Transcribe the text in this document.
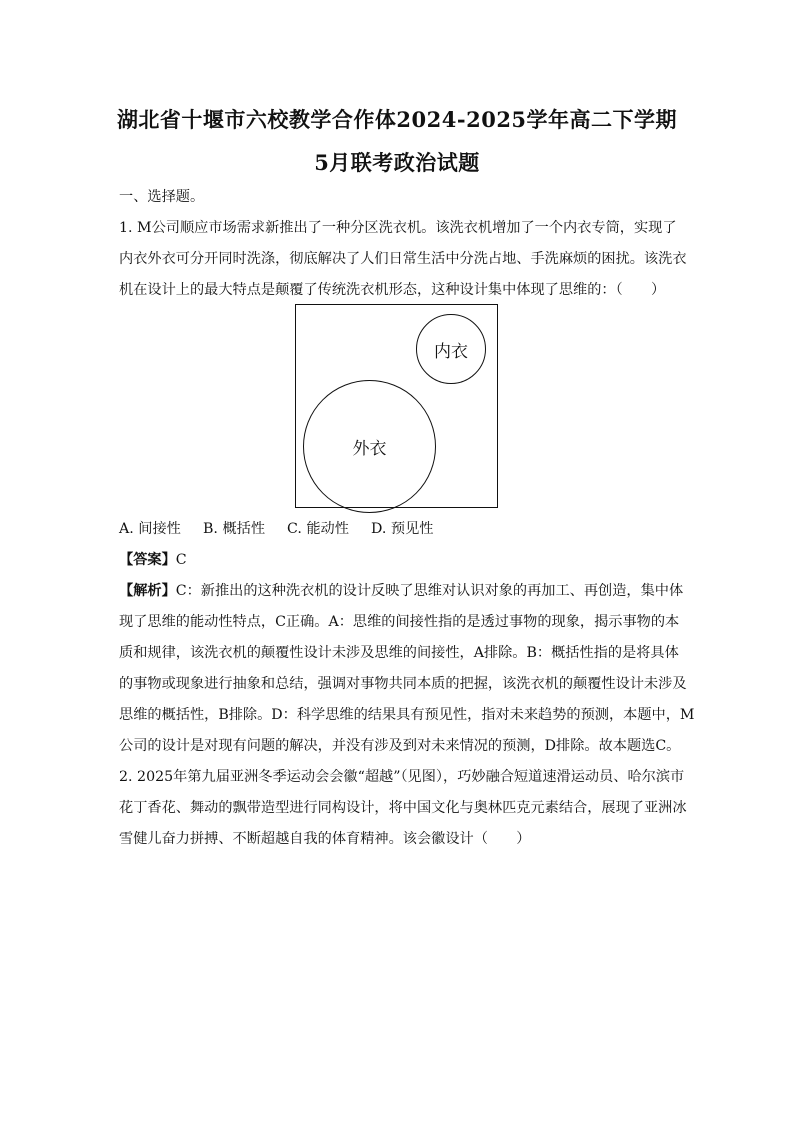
湖北省十堰市六校教学合作体2024-2025学年高二下学期
5月联考政治试题
一、选择题。
1. M公司顺应市场需求新推出了一种分区洗衣机。该洗衣机增加了一个内衣专筒，实现了
内衣外衣可分开同时洗涤，彻底解决了人们日常生活中分洗占地、手洗麻烦的困扰。该洗衣
机在设计上的最大特点是颠覆了传统洗衣机形态，这种设计集中体现了思维的：（　　）
内衣
外衣
A. 间接性 B. 概括性 C. 能动性 D. 预见性
【答案】C
【解析】C：新推出的这种洗衣机的设计反映了思维对认识对象的再加工、再创造，集中体
现了思维的能动性特点，C正确。A：思维的间接性指的是透过事物的现象，揭示事物的本
质和规律，该洗衣机的颠覆性设计未涉及思维的间接性，A排除。B：概括性指的是将具体
的事物或现象进行抽象和总结，强调对事物共同本质的把握，该洗衣机的颠覆性设计未涉及
思维的概括性，B排除。D：科学思维的结果具有预见性，指对未来趋势的预测，本题中，M
公司的设计是对现有问题的解决，并没有涉及到对未来情况的预测，D排除。故本题选C。
2. 2025年第九届亚洲冬季运动会会徽“超越”（见图），巧妙融合短道速滑运动员、哈尔滨市
花丁香花、舞动的飘带造型进行同构设计，将中国文化与奥林匹克元素结合，展现了亚洲冰
雪健儿奋力拼搏、不断超越自我的体育精神。该会徽设计（　　）
